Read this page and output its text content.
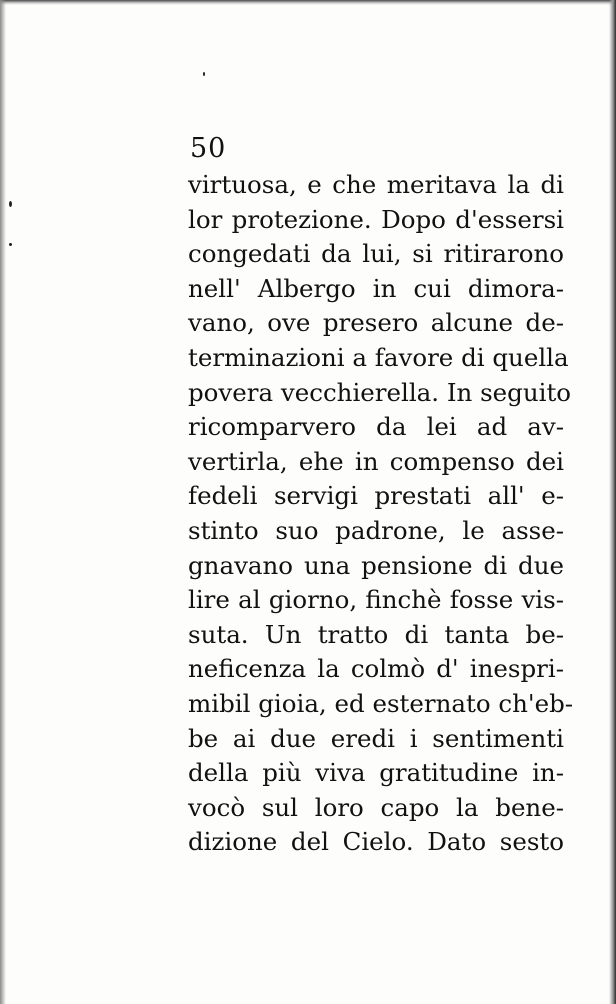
50
virtuosa, e che meritava la di
lor protezione. Dopo d'essersi
congedati da lui, si ritirarono
nell' Albergo in cui dimora-
vano, ove presero alcune de-
terminazioni a favore di quella
povera vecchierella. In seguito
ricomparvero da lei ad av-
vertirla, ehe in compenso dei
fedeli servigi prestati all' e-
stinto suo padrone, le asse-
gnavano una pensione di due
lire al giorno, finchè fosse vis-
suta. Un tratto di tanta be-
neficenza la colmò d' inespri-
mibil gioia, ed esternato ch'eb-
be ai due eredi i sentimenti
della più viva gratitudine in-
vocò sul loro capo la bene-
dizione del Cielo. Dato sesto
